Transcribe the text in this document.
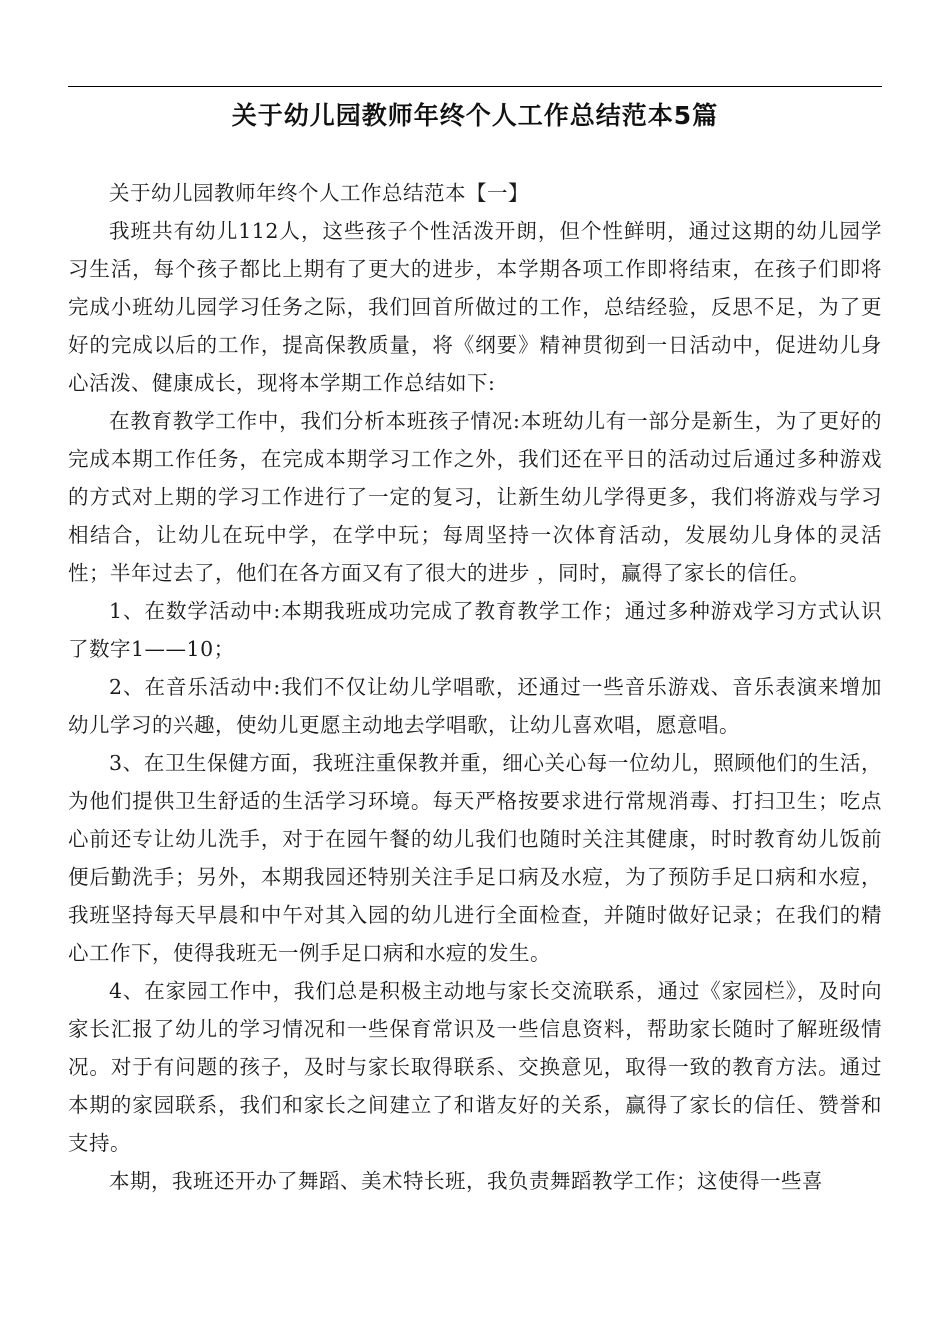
关于幼儿园教师年终个人工作总结范本5篇

关于幼儿园教师年终个人工作总结范本【一】

我班共有幼儿112人，这些孩子个性活泼开朗，但个性鲜明，通过这期的幼儿园学习生活，每个孩子都比上期有了更大的进步，本学期各项工作即将结束，在孩子们即将完成小班幼儿园学习任务之际，我们回首所做过的工作，总结经验，反思不足，为了更好的完成以后的工作，提高保教质量，将《纲要》精神贯彻到一日活动中，促进幼儿身心活泼、健康成长，现将本学期工作总结如下:

在教育教学工作中，我们分析本班孩子情况:本班幼儿有一部分是新生，为了更好的完成本期工作任务，在完成本期学习工作之外，我们还在平日的活动过后通过多种游戏的方式对上期的学习工作进行了一定的复习，让新生幼儿学得更多，我们将游戏与学习相结合，让幼儿在玩中学，在学中玩；每周坚持一次体育活动，发展幼儿身体的灵活性；半年过去了，他们在各方面又有了很大的进步 ，同时，赢得了家长的信任。

1、在数学活动中:本期我班成功完成了教育教学工作；通过多种游戏学习方式认识了数字1——10；

2、在音乐活动中:我们不仅让幼儿学唱歌，还通过一些音乐游戏、音乐表演来增加幼儿学习的兴趣，使幼儿更愿主动地去学唱歌，让幼儿喜欢唱，愿意唱。

3、在卫生保健方面，我班注重保教并重，细心关心每一位幼儿，照顾他们的生活，为他们提供卫生舒适的生活学习环境。每天严格按要求进行常规消毒、打扫卫生；吃点心前还专让幼儿洗手，对于在园午餐的幼儿我们也随时关注其健康，时时教育幼儿饭前便后勤洗手；另外，本期我园还特别关注手足口病及水痘，为了预防手足口病和水痘，我班坚持每天早晨和中午对其入园的幼儿进行全面检查，并随时做好记录；在我们的精心工作下，使得我班无一例手足口病和水痘的发生。

4、在家园工作中，我们总是积极主动地与家长交流联系，通过《家园栏》，及时向家长汇报了幼儿的学习情况和一些保育常识及一些信息资料，帮助家长随时了解班级情况。对于有问题的孩子，及时与家长取得联系、交换意见，取得一致的教育方法。通过本期的家园联系，我们和家长之间建立了和谐友好的关系，赢得了家长的信任、赞誉和支持。

本期，我班还开办了舞蹈、美术特长班，我负责舞蹈教学工作；这使得一些喜
